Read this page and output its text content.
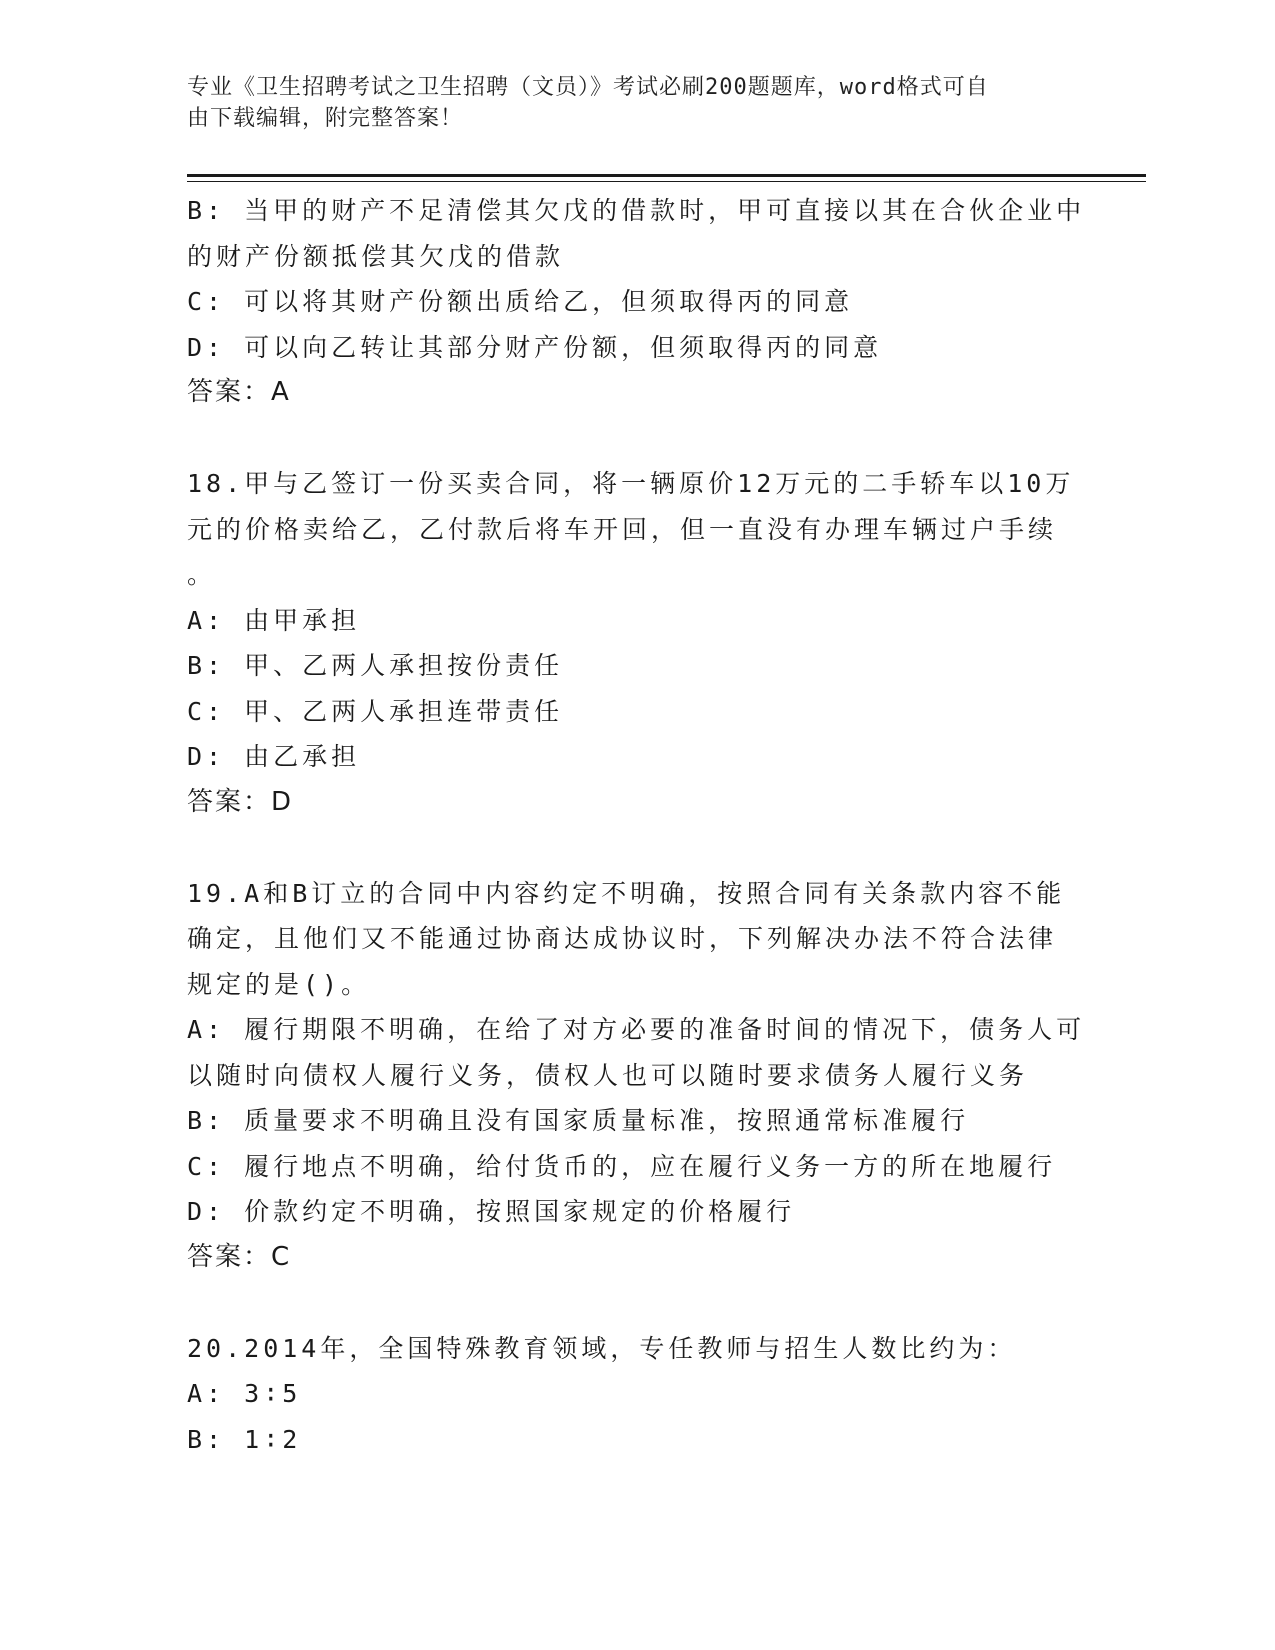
专业《卫生招聘考试之卫生招聘（文员）》考试必刷200题题库，word格式可自
由下载编辑，附完整答案！
B: 当甲的财产不足清偿其欠戊的借款时，甲可直接以其在合伙企业中
的财产份额抵偿其欠戊的借款
C: 可以将其财产份额出质给乙，但须取得丙的同意
D: 可以向乙转让其部分财产份额，但须取得丙的同意
答案：A
18.甲与乙签订一份买卖合同，将一辆原价12万元的二手轿车以10万
元的价格卖给乙，乙付款后将车开回，但一直没有办理车辆过户手续
。
A: 由甲承担
B: 甲、乙两人承担按份责任
C: 甲、乙两人承担连带责任
D: 由乙承担
答案：D
19.A和B订立的合同中内容约定不明确，按照合同有关条款内容不能
确定，且他们又不能通过协商达成协议时，下列解决办法不符合法律
规定的是()。
A: 履行期限不明确，在给了对方必要的准备时间的情况下，债务人可
以随时向债权人履行义务，债权人也可以随时要求债务人履行义务
B: 质量要求不明确且没有国家质量标准，按照通常标准履行
C: 履行地点不明确，给付货币的，应在履行义务一方的所在地履行
D: 价款约定不明确，按照国家规定的价格履行
答案：C
20.2014年，全国特殊教育领域，专任教师与招生人数比约为：
A: 3∶5
B: 1∶2
